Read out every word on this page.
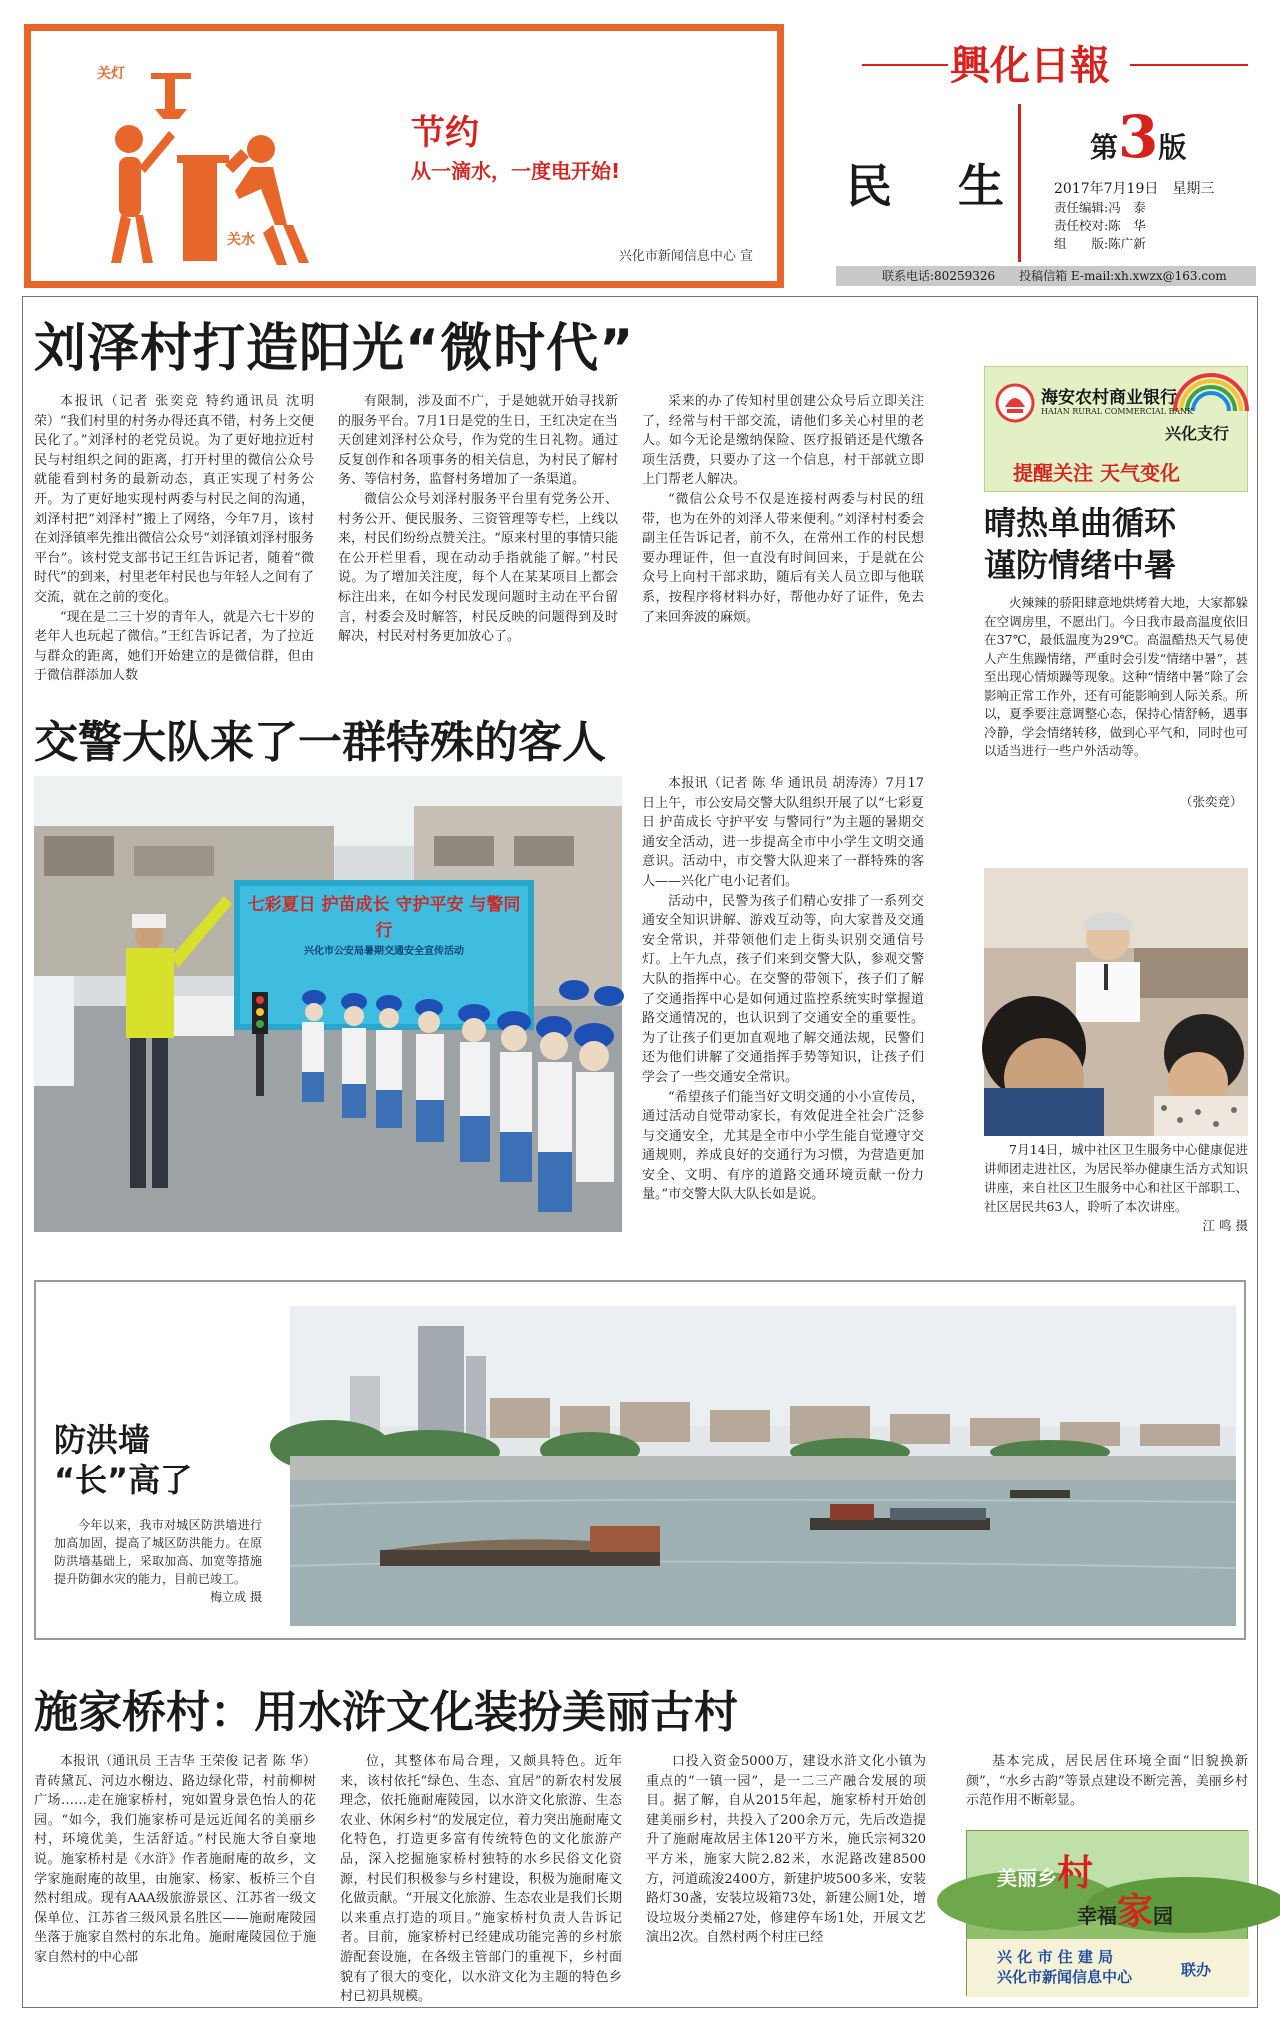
关灯
关水
节约
从一滴水，一度电开始!
兴化市新闻信息中心 宣
興化日報
民　生
第3版
2017年7月19日　星期三
责任编辑:冯　泰
责任校对:陈　华
组　　版:陈广新
联系电话:80259326　　投稿信箱 E-mail:xh.xwzx@163.com
刘泽村打造阳光“微时代”

本报讯（记者 张奕竞 特约通讯员 沈明荣）“我们村里的村务办得还真不错，村务上交便民化了。”刘泽村的老党员说。为了更好地拉近村民与村组织之间的距离，打开村里的微信公众号就能看到村务的最新动态，真正实现了村务公开。为了更好地实现村两委与村民之间的沟通，刘泽村把“刘泽村”搬上了网络，今年7月，该村在刘泽镇率先推出微信公众号“刘泽镇刘泽村服务平台”。该村党支部书记王红告诉记者，随着“微时代”的到来，村里老年村民也与年轻人之间有了交流，就在之前的变化。

“现在是二三十岁的青年人，就是六七十岁的老年人也玩起了微信。”王红告诉记者，为了拉近与群众的距离，她们开始建立的是微信群，但由于微信群添加人数

有限制，涉及面不广，于是她就开始寻找新的服务平台。7月1日是党的生日，王红决定在当天创建刘泽村公众号，作为党的生日礼物。通过反复创作和各项事务的相关信息，为村民了解村务、等信村务，监督村务增加了一条渠道。

微信公众号刘泽村服务平台里有党务公开、村务公开、便民服务、三资管理等专栏，上线以来，村民们纷纷点赞关注。“原来村里的事情只能在公开栏里看，现在动动手指就能了解。”村民说。为了增加关注度，每个人在某某项目上都会标注出来，在如今村民发现问题时主动在平台留言，村委会及时解答，村民反映的问题得到及时解决，村民对村务更加放心了。

采来的办了传知村里创建公众号后立即关注了，经常与村干部交流，请他们多关心村里的老人。如今无论是缴纳保险、医疗报销还是代缴各项生活费，只要办了这一个信息，村干部就立即上门帮老人解决。

“微信公众号不仅是连接村两委与村民的纽带，也为在外的刘泽人带来便利。”刘泽村村委会副主任告诉记者，前不久，在常州工作的村民想要办理证件，但一直没有时间回来，于是就在公众号上向村干部求助，随后有关人员立即与他联系，按程序将材料办好，帮他办好了证件，免去了来回奔波的麻烦。

海安农村商业银行
HAIAN RURAL COMMERCIAL BANK
兴化支行
提醒关注 天气变化
晴热单曲循环
谨防情绪中暑

火辣辣的骄阳肆意地烘烤着大地，大家都躲在空调房里，不愿出门。今日我市最高温度依旧在37℃，最低温度为29℃。高温酷热天气易使人产生焦躁情绪，严重时会引发“情绪中暑”，甚至出现心情烦躁等现象。这种“情绪中暑”除了会影响正常工作外，还有可能影响到人际关系。所以，夏季要注意调整心态，保持心情舒畅，遇事冷静，学会情绪转移，做到心平气和，同时也可以适当进行一些户外活动等。

（张奕竞）
交警大队来了一群特殊的客人
七彩夏日 护苗成长 守护平安 与警同行
兴化市公安局暑期交通安全宣传活动

本报讯（记者 陈 华 通讯员 胡涛涛）7月17日上午，市公安局交警大队组织开展了以“七彩夏日 护苗成长 守护平安 与警同行”为主题的暑期交通安全活动，进一步提高全市中小学生文明交通意识。活动中，市交警大队迎来了一群特殊的客人——兴化广电小记者们。

活动中，民警为孩子们精心安排了一系列交通安全知识讲解、游戏互动等，向大家普及交通安全常识，并带领他们走上街头识别交通信号灯。上午九点，孩子们来到交警大队，参观交警大队的指挥中心。在交警的带领下，孩子们了解了交通指挥中心是如何通过监控系统实时掌握道路交通情况的，也认识到了交通安全的重要性。为了让孩子们更加直观地了解交通法规，民警们还为他们讲解了交通指挥手势等知识，让孩子们学会了一些交通安全常识。

“希望孩子们能当好文明交通的小小宣传员，通过活动自觉带动家长，有效促进全社会广泛参与交通安全，尤其是全市中小学生能自觉遵守交通规则，养成良好的交通行为习惯，为营造更加安全、文明、有序的道路交通环境贡献一份力量。”市交警大队大队长如是说。

7月14日，城中社区卫生服务中心健康促进讲师团走进社区，为居民举办健康生活方式知识讲座，来自社区卫生服务中心和社区干部职工、社区居民共63人，聆听了本次讲座。

江 鸣 摄
防洪墙
“长”高了

今年以来，我市对城区防洪墙进行加高加固，提高了城区防洪能力。在原防洪墙基础上，采取加高、加宽等措施提升防御水灾的能力，目前已竣工。

梅立成 摄
施家桥村：用水浒文化装扮美丽古村

本报讯（通讯员 王吉华 王荣俊 记者 陈 华）青砖黛瓦、河边水榭边、路边绿化带，村前柳树广场……走在施家桥村，宛如置身景色怡人的花园。“如今，我们施家桥可是远近闻名的美丽乡村，环境优美，生活舒适。”村民施大爷自豪地说。施家桥村是《水浒》作者施耐庵的故乡，文学家施耐庵的故里，由施家、杨家、板桥三个自然村组成。现有AAA级旅游景区、江苏省一级文保单位、江苏省三级风景名胜区——施耐庵陵园坐落于施家自然村的东北角。施耐庵陵园位于施家自然村的中心部

位，其整体布局合理，又颇具特色。近年来，该村依托“绿色、生态、宜居”的新农村发展理念，依托施耐庵陵园，以水浒文化旅游、生态农业、休闲乡村“的发展定位，着力突出施耐庵文化特色，打造更多富有传统特色的文化旅游产品，深入挖掘施家桥村独特的水乡民俗文化资源，村民们积极参与乡村建设，积极为施耐庵文化做贡献。“开展文化旅游、生态农业是我们长期以来重点打造的项目。”施家桥村负责人告诉记者。目前，施家桥村已经建成功能完善的乡村旅游配套设施，在各级主管部门的重视下，乡村面貌有了很大的变化，以水浒文化为主题的特色乡村已初具规模。

口投入资金5000万，建设水浒文化小镇为重点的“一镇一园”，是一二三产融合发展的项目。据了解，自从2015年起，施家桥村开始创建美丽乡村，共投入了200余万元，先后改造提升了施耐庵故居主体120平方米，施氏宗祠320平方米，施家大院2.82米，水泥路改建8500方，河道疏浚2400方，新建护坡500多米，安装路灯30盏，安装垃圾箱73处，新建公厕1处，增设垃圾分类桶27处，修建停车场1处，开展文艺演出2次。自然村两个村庄已经

基本完成，居民居住环境全面“旧貌换新颜”，“水乡古韵”等景点建设不断完善，美丽乡村示范作用不断彰显。

美丽乡村
幸福家园
兴 化 市 住 建 局
兴化市新闻信息中心	联办
